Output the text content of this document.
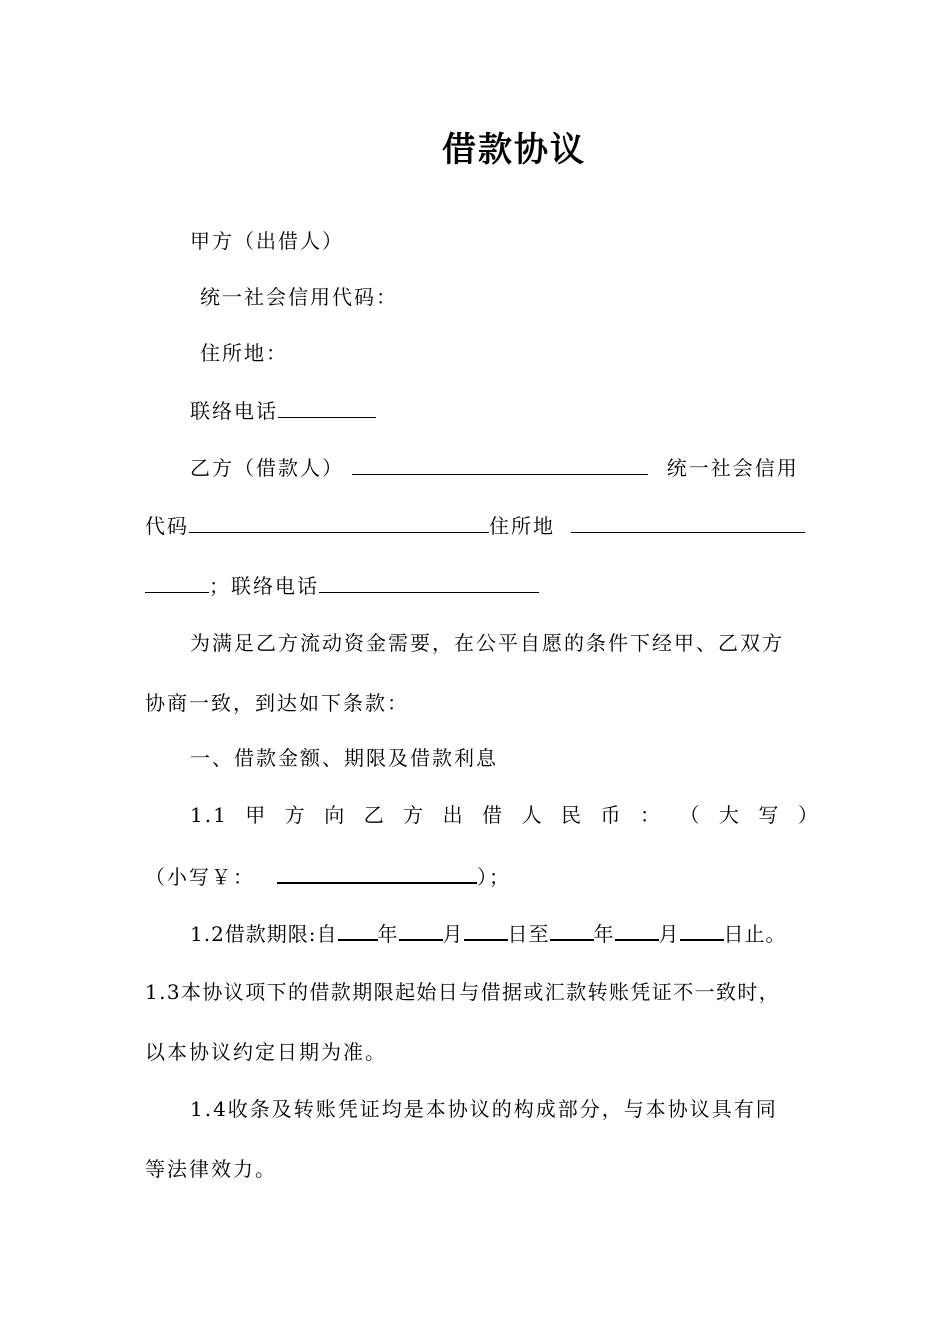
借款协议
甲方（出借人）
统一社会信用代码：
住所地：
联络电话
乙方（借款人）	统一社会信用
代码	住所地
；联络电话
为满足乙方流动资金需要，在公平自愿的条件下经甲、乙双方
协商一致，到达如下条款：
一、借款金额、期限及借款利息
1.1 甲 方 向 乙 方 出 借 人 民 币 ： （ 大 写 ）
（小写￥：	）；
1.2借款期限:自 年 月 日至 年 月 日止。
1.3本协议项下的借款期限起始日与借据或汇款转账凭证不一致时，
以本协议约定日期为准。
1.4收条及转账凭证均是本协议的构成部分，与本协议具有同
等法律效力。
